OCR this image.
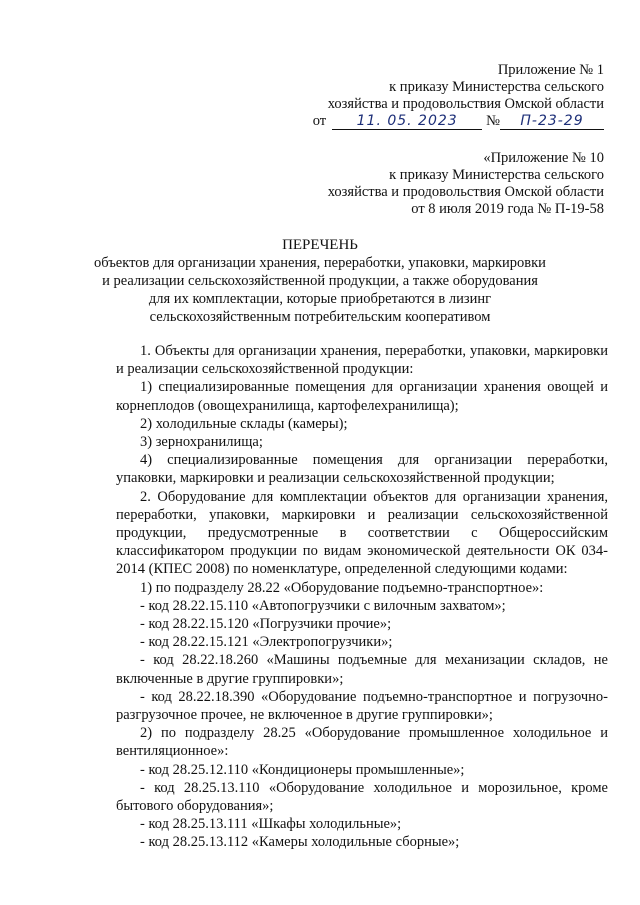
Приложение № 1
к приказу Министерства сельского
хозяйства и продовольствия Омской области
от	11. 05. 2023	№	П-23-29
«Приложение № 10
к приказу Министерства сельского
хозяйства и продовольствия Омской области
от 8 июля 2019 года № П-19-58
ПЕРЕЧЕНЬ
объектов для организации хранения, переработки, упаковки, маркировки и реализации сельскохозяйственной продукции, а также оборудования для их комплектации, которые приобретаются в лизинг сельскохозяйственным потребительским кооперативом

1. Объекты для организации хранения, переработки, упаковки, маркировки и реализации сельскохозяйственной продукции:

1) специализированные помещения для организации хранения овощей и корнеплодов (овощехранилища, картофелехранилища);

2) холодильные склады (камеры);

3) зернохранилища;

4) специализированные помещения для организации переработки, упаковки, маркировки и реализации сельскохозяйственной продукции;

2. Оборудование для комплектации объектов для организации хранения, переработки, упаковки, маркировки и реализации сельскохозяйственной продукции, предусмотренные в соответствии с Общероссийским классификатором продукции по видам экономической деятельности ОК 034-2014 (КПЕС 2008) по номенклатуре, определенной следующими кодами:

1) по подразделу 28.22 «Оборудование подъемно-транспортное»:

- код 28.22.15.110 «Автопогрузчики с вилочным захватом»;

- код 28.22.15.120 «Погрузчики прочие»;

- код 28.22.15.121 «Электропогрузчики»;

- код 28.22.18.260 «Машины подъемные для механизации складов, не включенные в другие группировки»;

- код 28.22.18.390 «Оборудование подъемно-транспортное и погрузочно-разгрузочное прочее, не включенное в другие группировки»;

2) по подразделу 28.25 «Оборудование промышленное холодильное и вентиляционное»:

- код 28.25.12.110 «Кондиционеры промышленные»;

- код 28.25.13.110 «Оборудование холодильное и морозильное, кроме бытового оборудования»;

- код 28.25.13.111 «Шкафы холодильные»;

- код 28.25.13.112 «Камеры холодильные сборные»;
